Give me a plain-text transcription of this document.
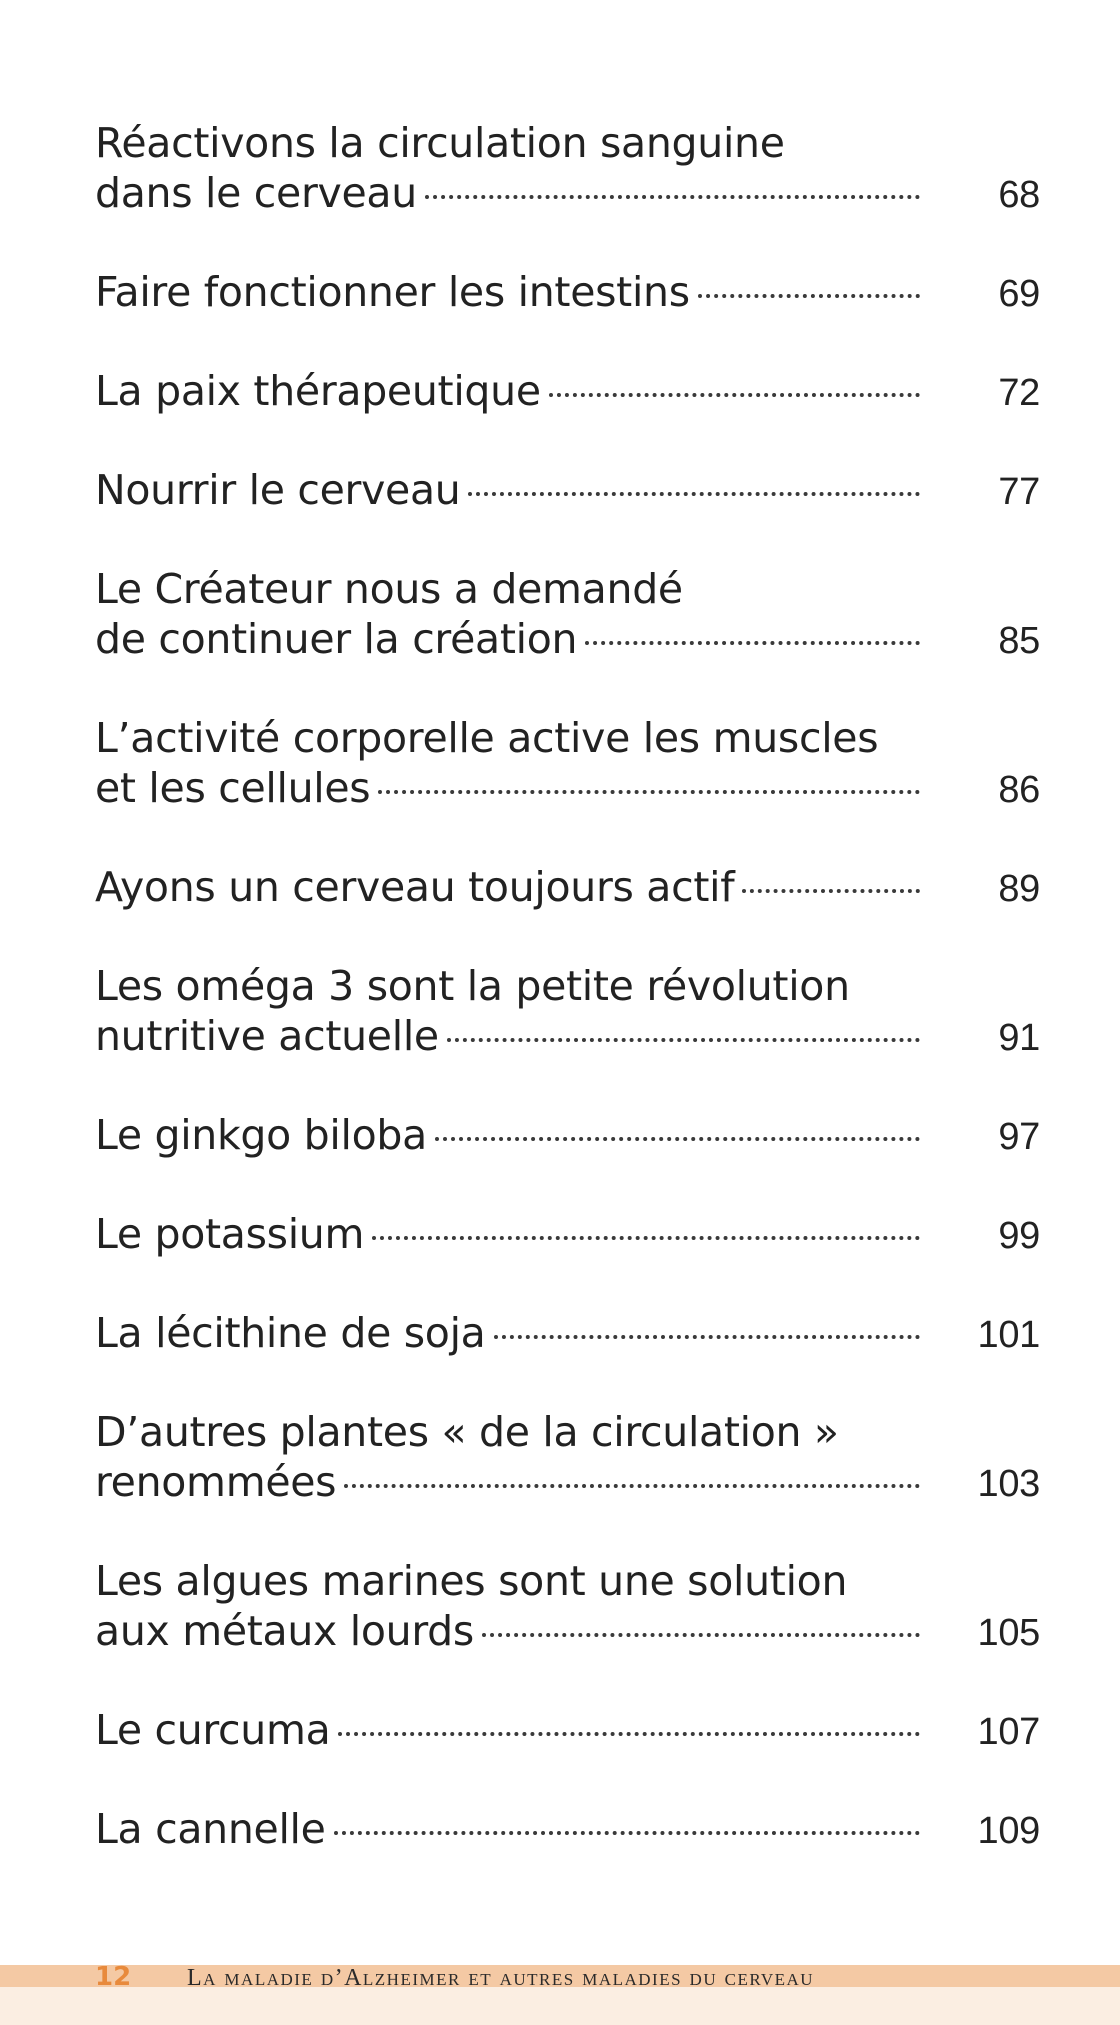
Réactivons la circulation sanguine
dans le cerveau	68
Faire fonctionner les intestins	69
La paix thérapeutique	72
Nourrir le cerveau	77
Le Créateur nous a demandé
de continuer la création	85
L’activité corporelle active les muscles
et les cellules	86
Ayons un cerveau toujours actif	89
Les oméga 3 sont la petite révolution
nutritive actuelle	91
Le ginkgo biloba	97
Le potassium	99
La lécithine de soja	101
D’autres plantes « de la circulation »
renommées	103
Les algues marines sont une solution
aux métaux lourds	105
Le curcuma	107
La cannelle	109
12	La maladie d’Alzheimer et autres maladies du cerveau
